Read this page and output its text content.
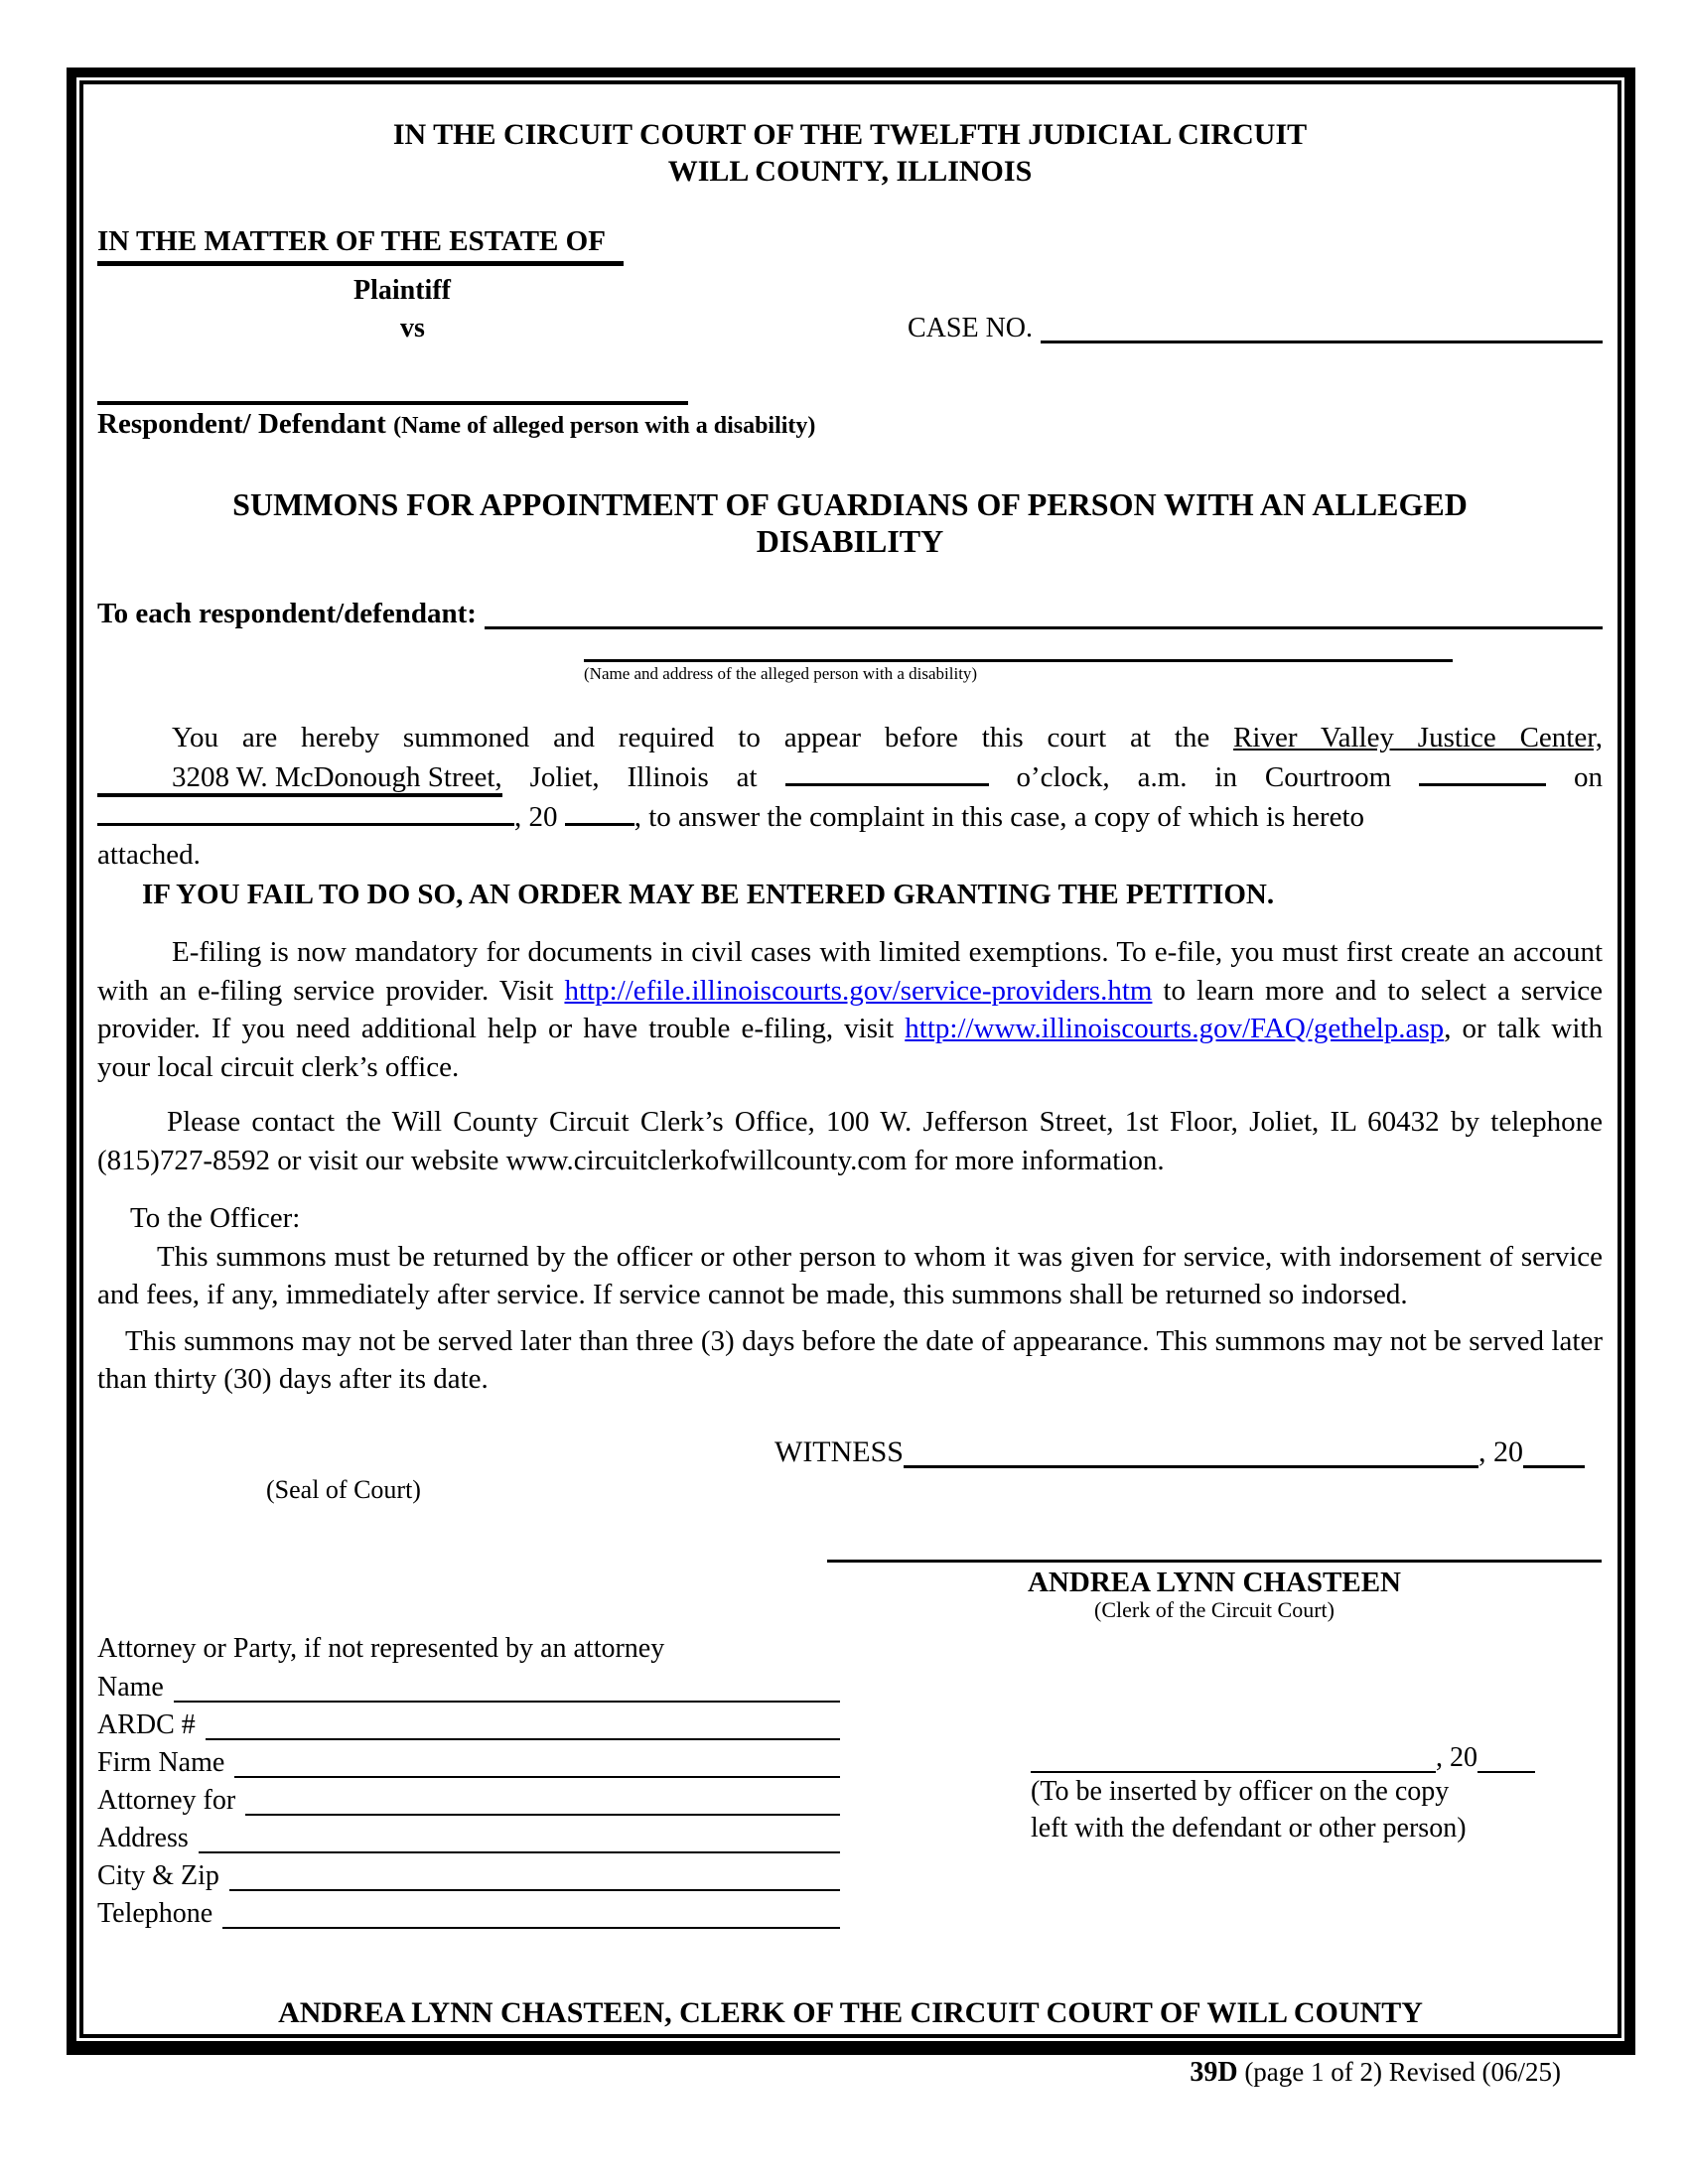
IN THE CIRCUIT COURT OF THE TWELFTH JUDICIAL CIRCUIT
WILL COUNTY, ILLINOIS
IN THE MATTER OF THE ESTATE OF
Plaintiff
vs	CASE NO.
Respondent/ Defendant (Name of alleged person with a disability)
SUMMONS FOR APPOINTMENT OF GUARDIANS OF PERSON WITH AN ALLEGED
DISABILITY
To each respondent/defendant:
(Name and address of the alleged person with a disability)
You are hereby summoned and required to appear before this court at the River Valley Justice Center, 3208 W. McDonough Street, Joliet, Illinois at	o’clock, a.m. in Courtroom	on , 20 , to answer the complaint in this case, a copy of which is hereto
attached.
IF YOU FAIL TO DO SO, AN ORDER MAY BE ENTERED GRANTING THE PETITION.
E-filing is now mandatory for documents in civil cases with limited exemptions. To e-file, you must first create an account with an e-filing service provider. Visit http://efile.illinoiscourts.gov/service-providers.htm to learn more and to select a service provider. If you need additional help or have trouble e-filing, visit http://www.illinoiscourts.gov/FAQ/gethelp.asp, or talk with your local circuit clerk’s office.
Please contact the Will County Circuit Clerk’s Office, 100 W. Jefferson Street, 1st Floor, Joliet, IL 60432 by telephone (815)727-8592 or visit our website www.circuitclerkofwillcounty.com for more information.
To the Officer:
This summons must be returned by the officer or other person to whom it was given for service, with indorsement of service and fees, if any, immediately after service. If service cannot be made, this summons shall be returned so indorsed.
This summons may not be served later than three (3) days before the date of appearance. This summons may not be served later than thirty (30) days after its date.
WITNESS	, 20
(Seal of Court)
ANDREA LYNN CHASTEEN
(Clerk of the Circuit Court)
Attorney or Party, if not represented by an attorney
Name
ARDC #
Firm Name
Attorney for
Address
City & Zip
Telephone
, 20
(To be inserted by officer on the copy
left with the defendant or other person)
ANDREA LYNN CHASTEEN, CLERK OF THE CIRCUIT COURT OF WILL COUNTY
39D (page 1 of 2) Revised (06/25)
